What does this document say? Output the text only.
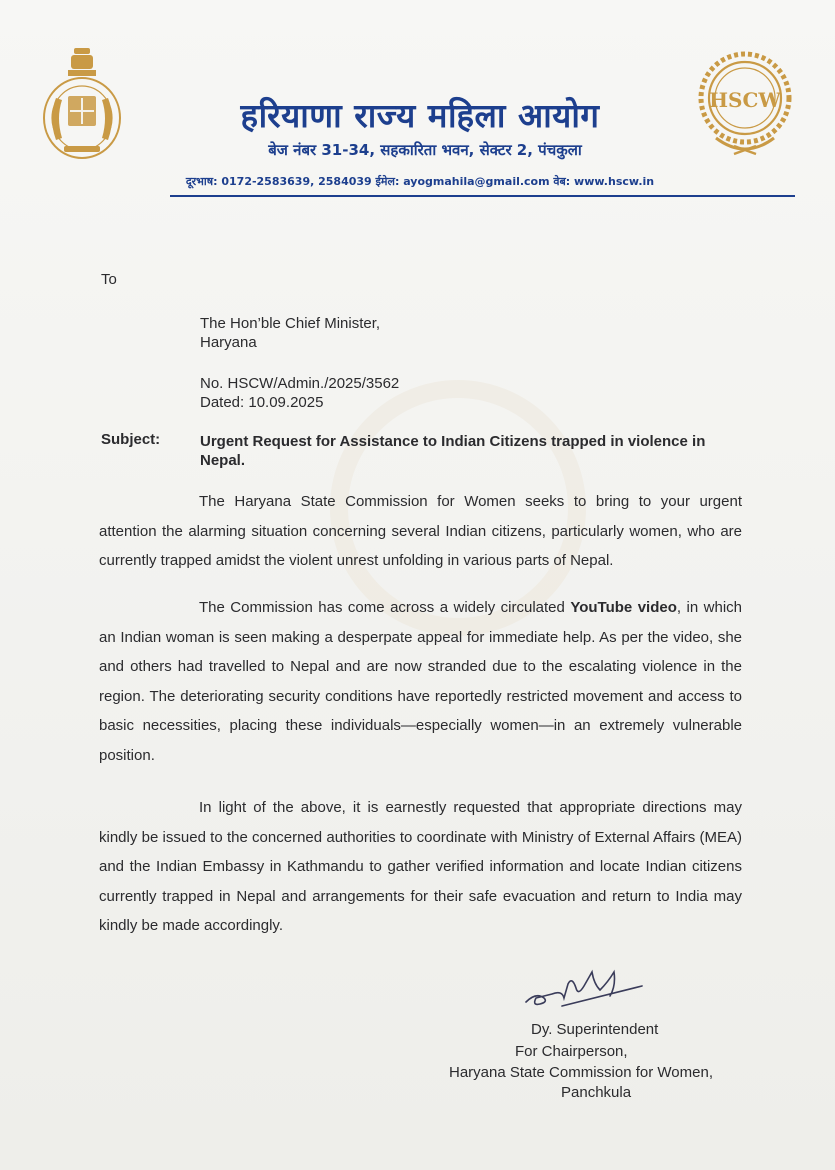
HSCW
हरियाणा राज्य महिला आयोग
बेज नंबर 31-34, सहकारिता भवन, सेक्टर 2, पंचकुला
दूरभाष: 0172-2583639, 2584039 ईमेल: ayogmahila@gmail.com वेब: www.hscw.in
To
The Hon’ble Chief Minister,
Haryana
No. HSCW/Admin./2025/3562
Dated: 10.09.2025
Subject:	Urgent Request for Assistance to Indian Citizens trapped in violence in Nepal.
The Haryana State Commission for Women seeks to bring to your urgent attention the alarming situation concerning several Indian citizens, particularly women, who are currently trapped amidst the violent unrest unfolding in various parts of Nepal.
The Commission has come across a widely circulated YouTube video, in which an Indian woman is seen making a desperpate appeal for immediate help. As per the video, she and others had travelled to Nepal and are now stranded due to the escalating violence in the region. The deteriorating security conditions have reportedly restricted movement and access to basic necessities, placing these individuals—especially women—in an extremely vulnerable position.
In light of the above, it is earnestly requested that appropriate directions may kindly be issued to the concerned authorities to coordinate with Ministry of External Affairs (MEA) and the Indian Embassy in Kathmandu to gather verified information and locate Indian citizens currently trapped in Nepal and arrangements for their safe evacuation and return to India may kindly be made accordingly.
Dy. Superintendent
For Chairperson,
Haryana State Commission for Women,
Panchkula
